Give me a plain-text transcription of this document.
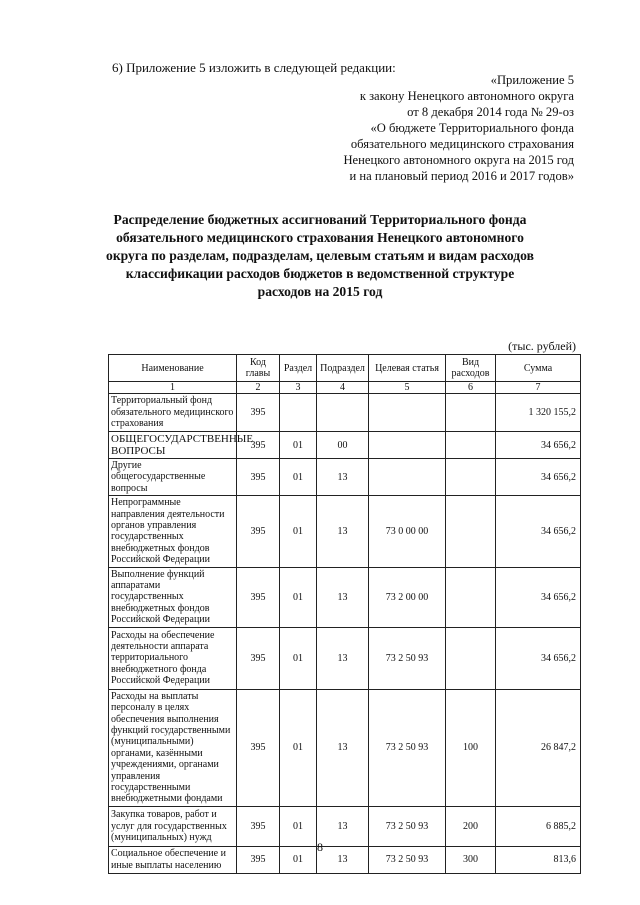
6) Приложение 5 изложить в следующей редакции:
«Приложение 5
к закону Ненецкого автономного округа
от 8 декабря 2014 года № 29-оз
«О бюджете Территориального фонда
обязательного медицинского страхования
Ненецкого автономного округа на 2015 год
и на плановый период 2016 и 2017 годов»
Распределение бюджетных ассигнований Территориального фонда
обязательного медицинского страхования Ненецкого автономного
округа по разделам, подразделам, целевым статьям и видам расходов
классификации расходов бюджетов в ведомственной структуре
расходов на 2015 год
(тыс. рублей)
Наименование	Код главы	Раздел	Подраздел	Целевая статья	Вид расходов	Сумма
1	2	3	4	5	6	7
Территориальный фонд обязательного медицинского страхования	395					1 320 155,2
ОБЩЕГОСУДАРСТВЕННЫЕ ВОПРОСЫ	395	01	00			34 656,2
Другие общегосударственные вопросы	395	01	13			34 656,2
Непрограммные направления деятельности органов управления государственных внебюджетных фондов Российской Федерации	395	01	13	73 0 00 00		34 656,2
Выполнение функций аппаратами государственных внебюджетных фондов Российской Федерации	395	01	13	73 2 00 00		34 656,2
Расходы на обеспечение деятельности аппарата территориального внебюджетного фонда Российской Федерации	395	01	13	73 2 50 93		34 656,2
Расходы на выплаты персоналу в целях обеспечения выполнения функций государственными (муниципальными) органами, казёнными учреждениями, органами управления государственными внебюджетными фондами	395	01	13	73 2 50 93	100	26 847,2
Закупка товаров, работ и услуг для государственных (муниципальных) нужд	395	01	13	73 2 50 93	200	6 885,2
Социальное обеспечение и иные выплаты населению	395	01	13	73 2 50 93	300	813,6
8
